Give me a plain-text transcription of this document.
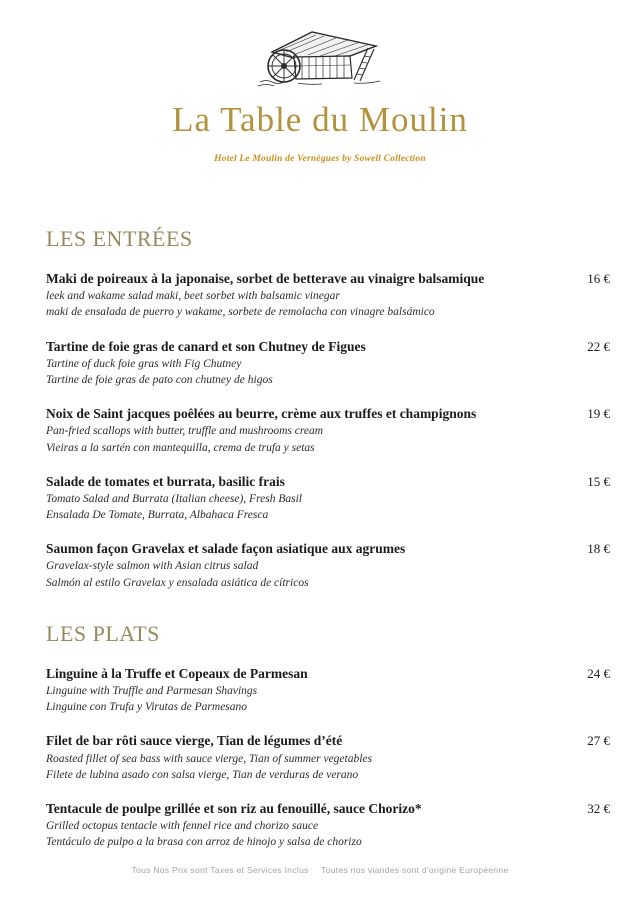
La Table du Moulin
Hotel Le Moulin de Vernègues by Sowell Collection
LES ENTRÉES
Maki de poireaux à la japonaise, sorbet de betterave au vinaigre balsamique	16 €
leek and wakame salad maki, beet sorbet with balsamic vinegar
maki de ensalada de puerro y wakame, sorbete de remolacha con vinagre balsámico
Tartine de foie gras de canard et son Chutney de Figues	22 €
Tartine of duck foie gras with Fig Chutney
Tartine de foie gras de pato con chutney de higos
Noix de Saint jacques poêlées au beurre, crème aux truffes et champignons	19 €
Pan-fried scallops with butter, truffle and mushrooms cream
Vieiras a la sartén con mantequilla, crema de trufa y setas
Salade de tomates et burrata, basilic frais	15 €
Tomato Salad and Burrata (Italian cheese), Fresh Basil
Ensalada De Tomate, Burrata, Albahaca Fresca
Saumon façon Gravelax et salade façon asiatique aux agrumes	18 €
Gravelax-style salmon with Asian citrus salad
Salmón al estilo Gravelax y ensalada asiática de cítricos
LES PLATS
Linguine à la Truffe et Copeaux de Parmesan	24 €
Linguine with Truffle and Parmesan Shavings
Linguine con Trufa y Virutas de Parmesano
Filet de bar rôti sauce vierge, Tian de légumes d’été	27 €
Roasted fillet of sea bass with sauce vierge, Tian of summer vegetables
Filete de lubina asado con salsa vierge, Tian de verduras de verano
Tentacule de poulpe grillée et son riz au fenouillé, sauce Chorizo*	32 €
Grilled octopus tentacle with fennel rice and chorizo sauce
Tentáculo de pulpo a la brasa con arroz de hinojo y salsa de chorizo
Tous Nos Prix sont Taxes et Services Inclus Toutes nos viandes sont d'origine Européenne
